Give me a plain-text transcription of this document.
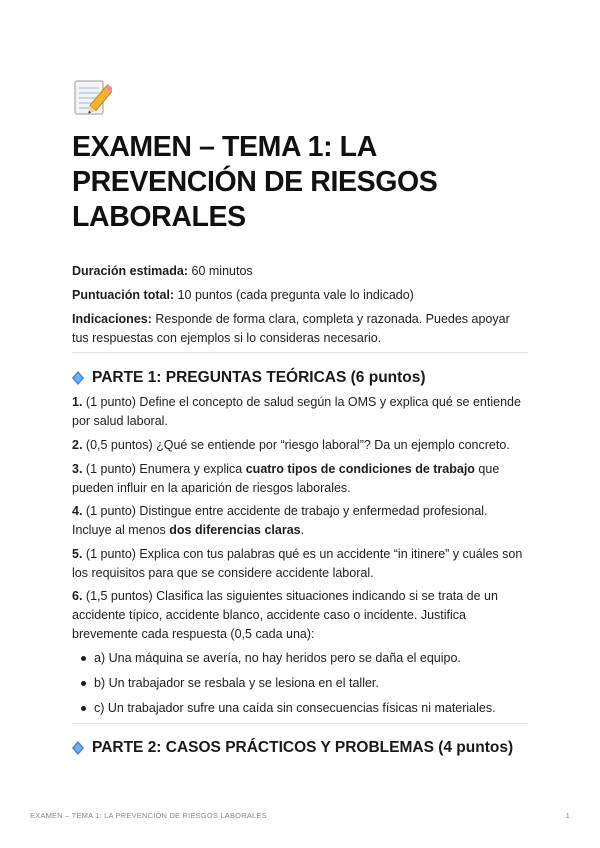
EXAMEN – TEMA 1: LA PREVENCIÓN DE RIESGOS LABORALES
Duración estimada: 60 minutos
Puntuación total: 10 puntos (cada pregunta vale lo indicado)
Indicaciones: Responde de forma clara, completa y razonada. Puedes apoyar tus respuestas con ejemplos si lo consideras necesario.
PARTE 1: PREGUNTAS TEÓRICAS (6 puntos)
1. (1 punto) Define el concepto de salud según la OMS y explica qué se entiende por salud laboral.
2. (0,5 puntos) ¿Qué se entiende por “riesgo laboral”? Da un ejemplo concreto.
3. (1 punto) Enumera y explica cuatro tipos de condiciones de trabajo que pueden influir en la aparición de riesgos laborales.
4. (1 punto) Distingue entre accidente de trabajo y enfermedad profesional. Incluye al menos dos diferencias claras.
5. (1 punto) Explica con tus palabras qué es un accidente “in itinere” y cuáles son los requisitos para que se considere accidente laboral.
6. (1,5 puntos) Clasifica las siguientes situaciones indicando si se trata de un accidente típico, accidente blanco, accidente caso o incidente. Justifica brevemente cada respuesta (0,5 cada una):
a) Una máquina se avería, no hay heridos pero se daña el equipo.
b) Un trabajador se resbala y se lesiona en el taller.
c) Un trabajador sufre una caída sin consecuencias físicas ni materiales.
PARTE 2: CASOS PRÁCTICOS Y PROBLEMAS (4 puntos)
EXAMEN – TEMA 1: LA PREVENCIÓN DE RIESGOS LABORALES	1
